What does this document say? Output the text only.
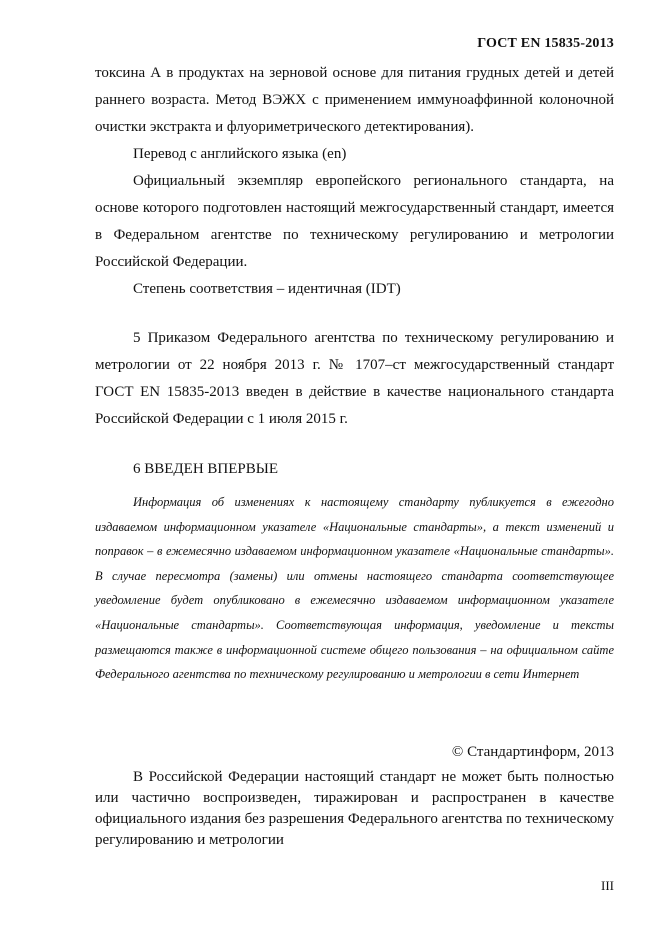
ГОСТ EN 15835-2013

токсина А в продуктах на зерновой основе для питания грудных детей и детей раннего возраста. Метод ВЭЖХ с применением иммуноаффинной колоночной очистки экстракта и флуориметрического детектирования).

Перевод с английского языка (en)

Официальный экземпляр европейского регионального стандарта, на основе которого подготовлен настоящий межгосударственный стандарт, имеется в Федеральном агентстве по техническому регулированию и метрологии Российской Федерации.

Степень соответствия – идентичная (IDT)

5 Приказом Федерального агентства по техническому регулированию и метрологии от 22 ноября 2013 г. № 1707–ст межгосударственный стандарт ГОСТ EN 15835-2013 введен в действие в качестве национального стандарта Российской Федерации с 1 июля 2015 г.

6 ВВЕДЕН ВПЕРВЫЕ

Информация об изменениях к настоящему стандарту публикуется в ежегодно издаваемом информационном указателе «Национальные стандарты», а текст изменений и поправок – в ежемесячно издаваемом информационном указателе «Национальные стандарты». В случае пересмотра (замены) или отмены настоящего стандарта соответствующее уведомление будет опубликовано в ежемесячно издаваемом информационном указателе «Национальные стандарты». Соответствующая информация, уведомление и тексты размещаются также в информационной системе общего пользования – на официальном сайте Федерального агентства по техническому регулированию и метрологии в сети Интернет

© Стандартинформ, 2013

В Российской Федерации настоящий стандарт не может быть полностью или частично воспроизведен, тиражирован и распространен в качестве официального издания без разрешения Федерального агентства по техническому регулированию и метрологии

III
